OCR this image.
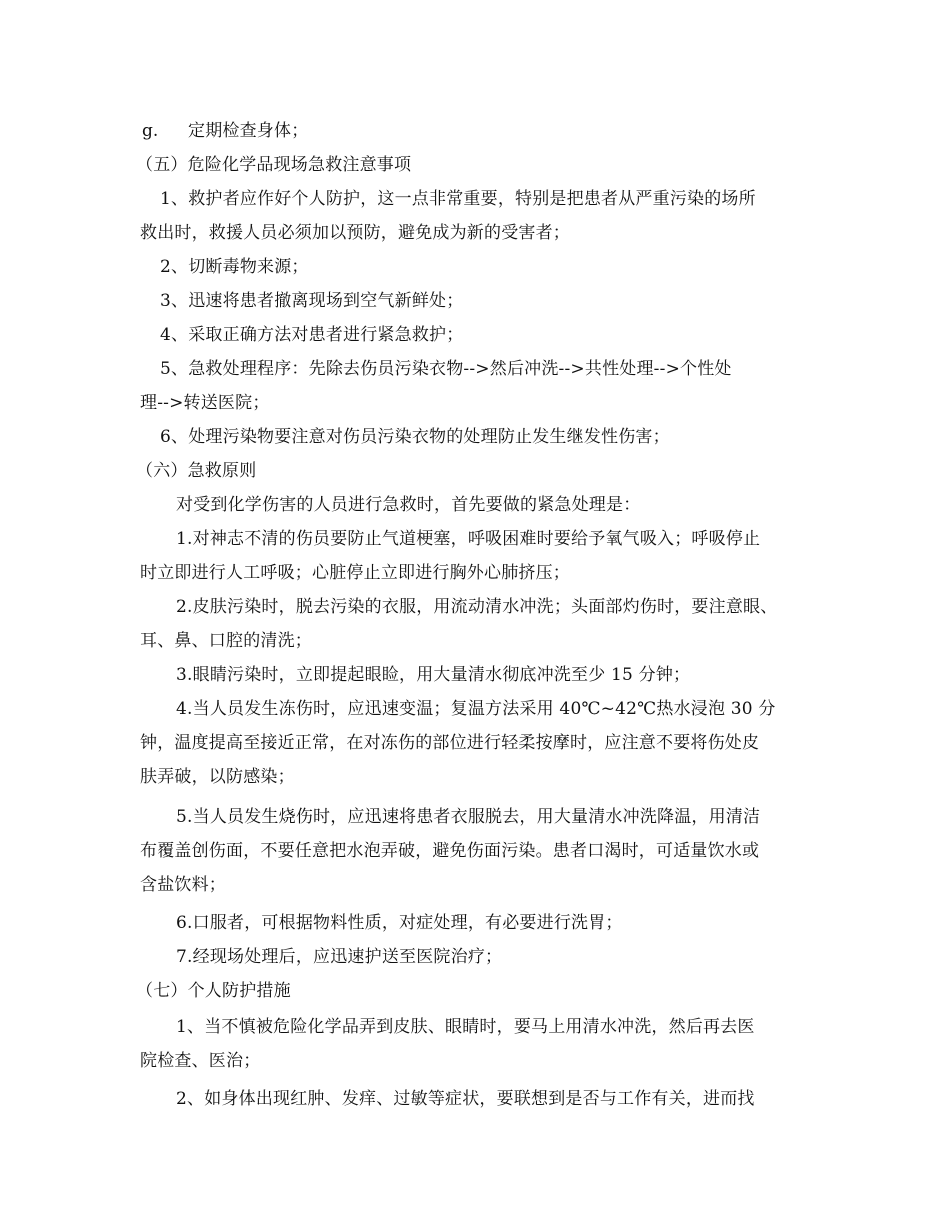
g. 定期检查身体；
（五）危险化学品现场急救注意事项
1、救护者应作好个人防护，这一点非常重要，特别是把患者从严重污染的场所
救出时，救援人员必须加以预防，避免成为新的受害者；
2、切断毒物来源；
3、迅速将患者撤离现场到空气新鲜处；
4、采取正确方法对患者进行紧急救护；
5、急救处理程序：先除去伤员污染衣物-->然后冲洗-->共性处理-->个性处
理-->转送医院；
6、处理污染物要注意对伤员污染衣物的处理防止发生继发性伤害；
（六）急救原则
对受到化学伤害的人员进行急救时，首先要做的紧急处理是：
1.对神志不清的伤员要防止气道梗塞，呼吸困难时要给予氧气吸入；呼吸停止
时立即进行人工呼吸；心脏停止立即进行胸外心肺挤压；
2.皮肤污染时，脱去污染的衣服，用流动清水冲洗；头面部灼伤时，要注意眼、
耳、鼻、口腔的清洗；
3.眼睛污染时，立即提起眼睑，用大量清水彻底冲洗至少 15 分钟；
4.当人员发生冻伤时，应迅速变温；复温方法采用 40℃~42℃热水浸泡 30 分
钟，温度提高至接近正常，在对冻伤的部位进行轻柔按摩时，应注意不要将伤处皮
肤弄破，以防感染；
5.当人员发生烧伤时，应迅速将患者衣服脱去，用大量清水冲洗降温，用清洁
布覆盖创伤面，不要任意把水泡弄破，避免伤面污染。患者口渴时，可适量饮水或
含盐饮料；
6.口服者，可根据物料性质，对症处理，有必要进行洗胃；
7.经现场处理后，应迅速护送至医院治疗；
（七）个人防护措施
1、当不慎被危险化学品弄到皮肤、眼睛时，要马上用清水冲洗，然后再去医
院检查、医治；
2、如身体出现红肿、发痒、过敏等症状，要联想到是否与工作有关，进而找
